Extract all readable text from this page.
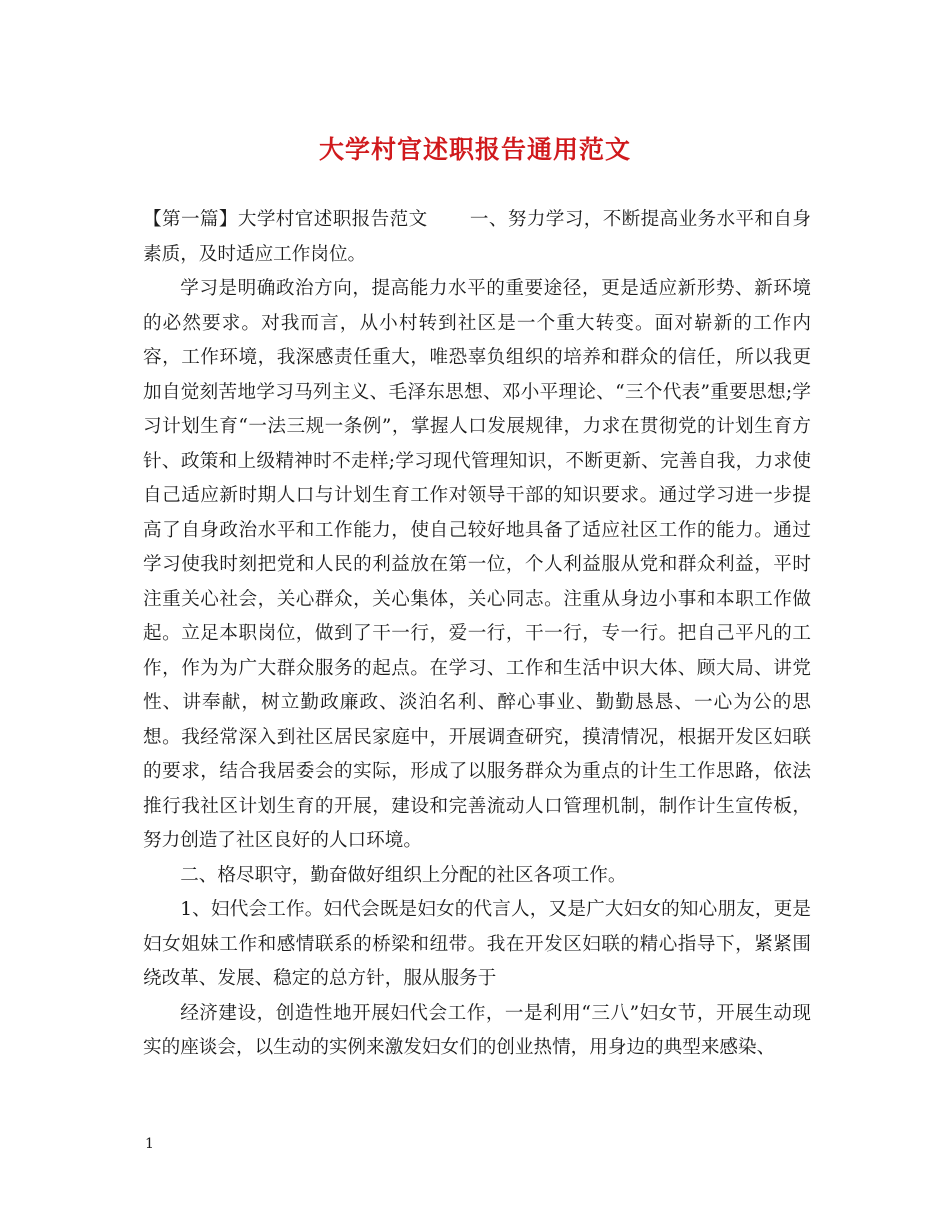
大学村官述职报告通用范文

【第一篇】大学村官述职报告范文 一、努力学习，不断提高业务水平和自身素质，及时适应工作岗位。

学习是明确政治方向，提高能力水平的重要途径，更是适应新形势、新环境的必然要求。对我而言，从小村转到社区是一个重大转变。面对崭新的工作内容，工作环境，我深感责任重大，唯恐辜负组织的培养和群众的信任，所以我更加自觉刻苦地学习马列主义、毛泽东思想、邓小平理论、“三个代表”重要思想;学习计划生育“一法三规一条例”，掌握人口发展规律，力求在贯彻党的计划生育方针、政策和上级精神时不走样;学习现代管理知识，不断更新、完善自我，力求使自己适应新时期人口与计划生育工作对领导干部的知识要求。通过学习进一步提高了自身政治水平和工作能力，使自己较好地具备了适应社区工作的能力。通过学习使我时刻把党和人民的利益放在第一位，个人利益服从党和群众利益，平时注重关心社会，关心群众，关心集体，关心同志。注重从身边小事和本职工作做起。立足本职岗位，做到了干一行，爱一行，干一行，专一行。把自己平凡的工作，作为为广大群众服务的起点。在学习、工作和生活中识大体、顾大局、讲党性、讲奉献，树立勤政廉政、淡泊名利、醉心事业、勤勤恳恳、一心为公的思想。我经常深入到社区居民家庭中，开展调查研究，摸清情况，根据开发区妇联的要求，结合我居委会的实际，形成了以服务群众为重点的计生工作思路，依法推行我社区计划生育的开展，建设和完善流动人口管理机制，制作计生宣传板，努力创造了社区良好的人口环境。

二、格尽职守，勤奋做好组织上分配的社区各项工作。

1、妇代会工作。妇代会既是妇女的代言人，又是广大妇女的知心朋友，更是妇女姐妹工作和感情联系的桥梁和纽带。我在开发区妇联的精心指导下，紧紧围绕改革、发展、稳定的总方针，服从服务于

经济建设，创造性地开展妇代会工作，一是利用“三八”妇女节，开展生动现实的座谈会，以生动的实例来激发妇女们的创业热情，用身边的典型来感染、

1
